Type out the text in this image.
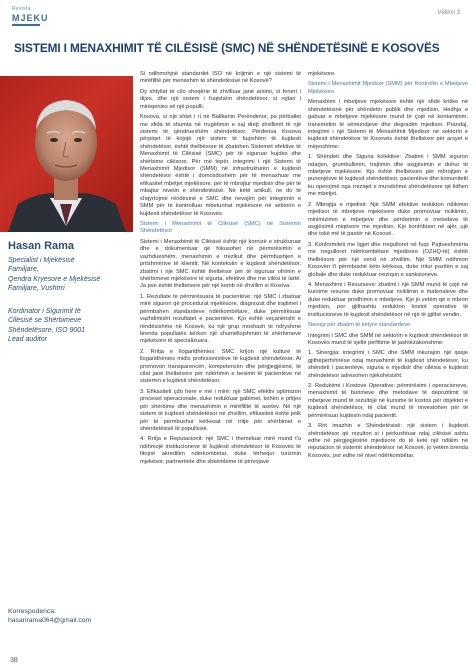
Revista
MJEKU	Vëllimi 3
SISTEMI I MENAXHIMIT TË CILËSISË (SMC) NË SHËNDETËSINË E KOSOVËS
Hasan Rama
Specialist i Mjekësisë
Familjare,
Qendra Kryesore e Mjekësisë
Familjare, Vushtrri
Kordinator i Sigurimit të
Cilësisë se Shërbimeve
Shëndetësore, ISO 9001
Lead auditor
Korrespodenca:
hasanrama064@gmail.com

Si ndihmohjnë standardet ISO në krijimin e një sistemi të mirëfilltë për menaxhim të shëndetësisë në Kosovë?

Dy shtyllat të cilo shoqërie të zhvilluar janë arsimi, si fenerí i dijes, dhe një sistem i fuqishëm shëndetësor, si rojtari i mirëqenies së një populli.

Kosova, si një shtet i ri në Ballkanin Perëndimor, po përballet me sfida të shumta në rrugëtimin e saj drejt zhvillimit të një sistemi të qëndrueshëm shëndetësor. Përderisa Kosova përpiqet të krijojë një sistem të fuqishëm të kujdesit shëndetësor, është thelbësore të zbatohen Sistemet efektive të Menaxhimit të Cilësisë (SMC) për të siguruar kujdes dhe shërbime cilësore. Për më tepër, integrimi i një Sistemi të Menaxhimit Mjedisor (SMM) në infrastrukturën e kujdesit shëndetësor është i domosdoshëm për të menaxhuar me efikasitet mbetjet mjekësore, për të mbrojtur mjedisin dhe për të mbajtur nivelin e shëndetësisë. Në këtë artikull, ne do të shqyrtojmë rëndësinë e SMC dhe nevojën për integrimin e SMM për të kontrolluar mbeturinat mjekësore në sektorin e kujdesit shëndetësor të Kosovës.

Sistemi i Menaxhimit të Cilësisë (SMC) në Sistemin Shëndetësor

Sistemi i Menaxhimit të Cilësisë është një kornizë e strukturuar dhe e dokumentuar që fokusohet në përmirësimin e vazhdueshëm, menaxhimin e rrezikut dhe përmbushjen e pritshmërive të klientit. Në kontekstin e kujdesit shëndetësor, zbatimi i një SMC është thelbësor për të siguruar ofrimin e shërbimeve mjekësore të sigurta, efektive dhe me cilësi të lartë. Ja pse është thelbësore për një komb në zhvillim si Kosova:

1. Rezultate të përmirësuara të pacientëve: një SMC i zbatuar mirë siguron që procedurat mjekësore, diagnozat dhe trajtimet i përmbahen standardeve ndërkombëtare, duke përmirësuar vazhdimisht rezultatet e pacientëve. Kjo është veçanërisht e rëndësishme në Kosovë, ku një grup moshash të ndryshme brenda popullatës kërkon një shumëllojshmëri të shërbimeve mjekësore të specializuara.

2. Rritja e llogaridhënies: SMC krijon një kulturë të llogaridhënies midis profesionistëve të kujdesit shëndetësor. Ai promovon transparencën, kompetencën dhe përgjegjësinë, të cilat janë thelbësore për ndërtimin e besimit të pacientëve në sistemin e kujdesit shëndetësor.

3. Efikasiteti çdo here e më i mirë: një SMC efektiv optimizon proceset operacionale, duke reduktuar gabimet, kohën e pritjes për shërbime dhe menaxhimin e mirëfilltë të asetev. Në një sistem të kujdesit shëndetësor në zhvillim, efikasiteti është jetik për të përmbushur kërkesat në rritje për shërbimet e shëndetësisë të popullsisë.

4. Rritja e Reputacionit: një SMC i themeluar mirë mund t'u ndihmojë institucioneve të kujdesit shëndetësor të Kosovës të fitojnë akreditim ndërkombëtar, duke tërhequr turizmin mjekësor, partneritete dhe shkëmbime të përvojave

mjekësore.

Sistemi i Menaxhimit Mjedisor (SMM) për Kontrollin e Mbetjeve Mjekësore

Menaxhimi i mbetjeve mjekësore është një sfidë kritike në shëndetësinë për shëndetin publik dhe mjedisin. Hedhja e gabuar e mbetjeve mjekësore mund të çojë në kontaminim, transmetim të sëmundjeve dhe degradim mjedisor. Prandaj, integrimi i një Sistemi të Menaxhimit Mjedisor në sektorin e kujdesit shëndetësor të Kosovës është thelbësor për arsyet e mëposhtme:

1. Shëndeti dhe Siguria kolektive: Zbatimi i SMM siguron ndarjen, grumbullimin, trajtimin dhe asgjësimin e duhur të mbetjeve mjekësore. Kjo është thelbësore për mbrojtjen e punonjësve të kujdesit shëndetësor, pacientëve dhe komunitetit ku operojmë nga rreziqet e mundshme shëndetësore që lidhen me mbetjet.

2. Mbrojtja e mjedisit: Një SMM efektive redukton ndikimin mjedisor të mbetjeve mjekësore duke promovuar riciklimin, minimizimin e mbetjeve dhe përdorimin e metodave të asgjësimit miqësore me mjedisin. Kjo kontribuon në ajër, ujë dhe tokë më të pastër në Kosovë.

3. Konformiteti me ligjet dhe rregulloret në fuqi: Pajtueshmëria me rregulloret ndërkombëtare mjedisore (OZHQ-të) është thelbësore për një vend në zhvillim. Një SMM ndihmon Kosovën t'i përmbushë këto kërkesa, duke rritur pozitën e saj globale dhe duke reduktuar rreziqun e sanksioneve.

4. Menaxhimi i Resurseve: zbatimi i një SMM mund të çojë në kursime resurse duke promovuar riciklimin e materialeve dhe duke reduktuar prodhimin e mbetjeve. Kjo jo vetëm që e mbron mjedisin, por gjithashtu redukton kostot operative të institucioneve të kujdesit shëndetësor në një të gjithë vendin.

Nevoja për zbatim të këtyre standardeve

Integrimi i SMC dhe SMM në sektorin e kujdesit shëndetësor të Kosovës mund të sjellë përfitime të jashtëzakonshme:

1. Sinergjia: integrimi i SMC dhe SMM inkurajon një qasje gjithëpërfshirëse ndaj menaxhimit të kujdesit shëndetësor, ku shëndeti i pacientëve, siguria e mjedisit dhe cilësia e kujdesit shëndetësor adresohen njëkohësisht.

2. Reduktimi i Kostove Operative: përmirësimi i operacioneve, menaxhimit të burimeve dhe metodave të depozitimit të mbetjeve mund të rezultojë në kursime të kostos për objektet e kujdesit shëndetësor, të cilat mund të rinvestohen për të përmirësuar kujdesin ndaj pacientit.

3. Rrit imazhin e Shëndetësisë: një sistem i kujdesit shëndetësor që rezulton si i përkushtuar ndaj cilësisë ashtu edhe në përgjegjësinë mjedisore do të ketë një ndikim në reputacion të sistemit shëndetësor në Kosovë, jo vetëm brenda Kosovës, por edhe në nivel ndërkombëtar.

38
